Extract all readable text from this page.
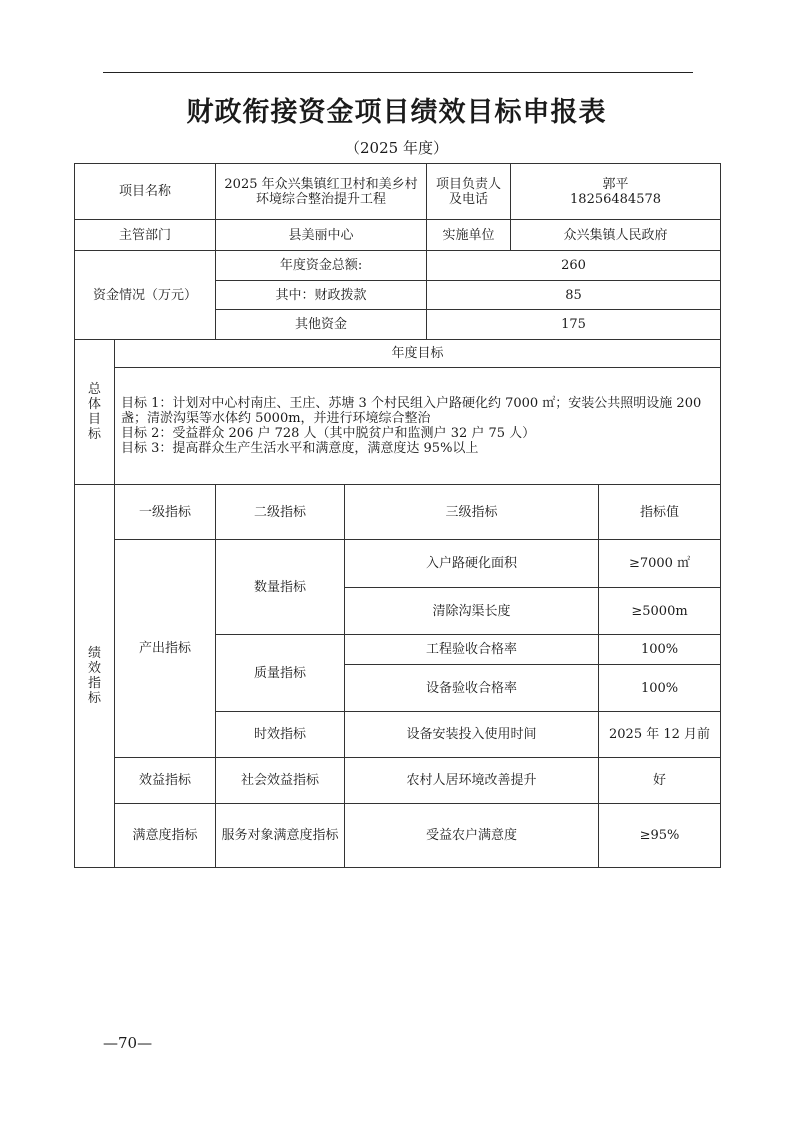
财政衔接资金项目绩效目标申报表
（2025 年度）
项目名称		2025 年众兴集镇红卫村和美乡村环境综合整治提升工程		项目负责人及电话	郭平
18256484578	

主管部门		县美丽中心		实施单位	众兴集镇人民政府	
资金情况（万元）		年度资金总额:		260		
		其中：财政拨款		85		
		其他资金		175		
总体目标	年度目标					

	目标 1：计划对中心村南庄、王庄、苏塘 3 个村民组入户路硬化约 7000 ㎡；安装公共照明设施 200 盏；清淤沟渠等水体约 5000m，并进行环境综合整治
目标 2：受益群众 206 户 728 人（其中脱贫户和监测户 32 户 75 人）
目标 3：提高群众生产生活水平和满意度，满意度达 95%以上					

绩效指标	一级指标	二级指标	三级指标			指标值
	产出指标	数量指标	入户路硬化面积			≥7000 ㎡
			清除沟渠长度			≥5000m
		质量指标	工程验收合格率			100%
			设备验收合格率			100%
		时效指标	设备安装投入使用时间			2025 年 12 月前
	效益指标	社会效益指标	农村人居环境改善提升			好
	满意度指标	服务对象满意度指标	受益农户满意度			≥95%
—70—
